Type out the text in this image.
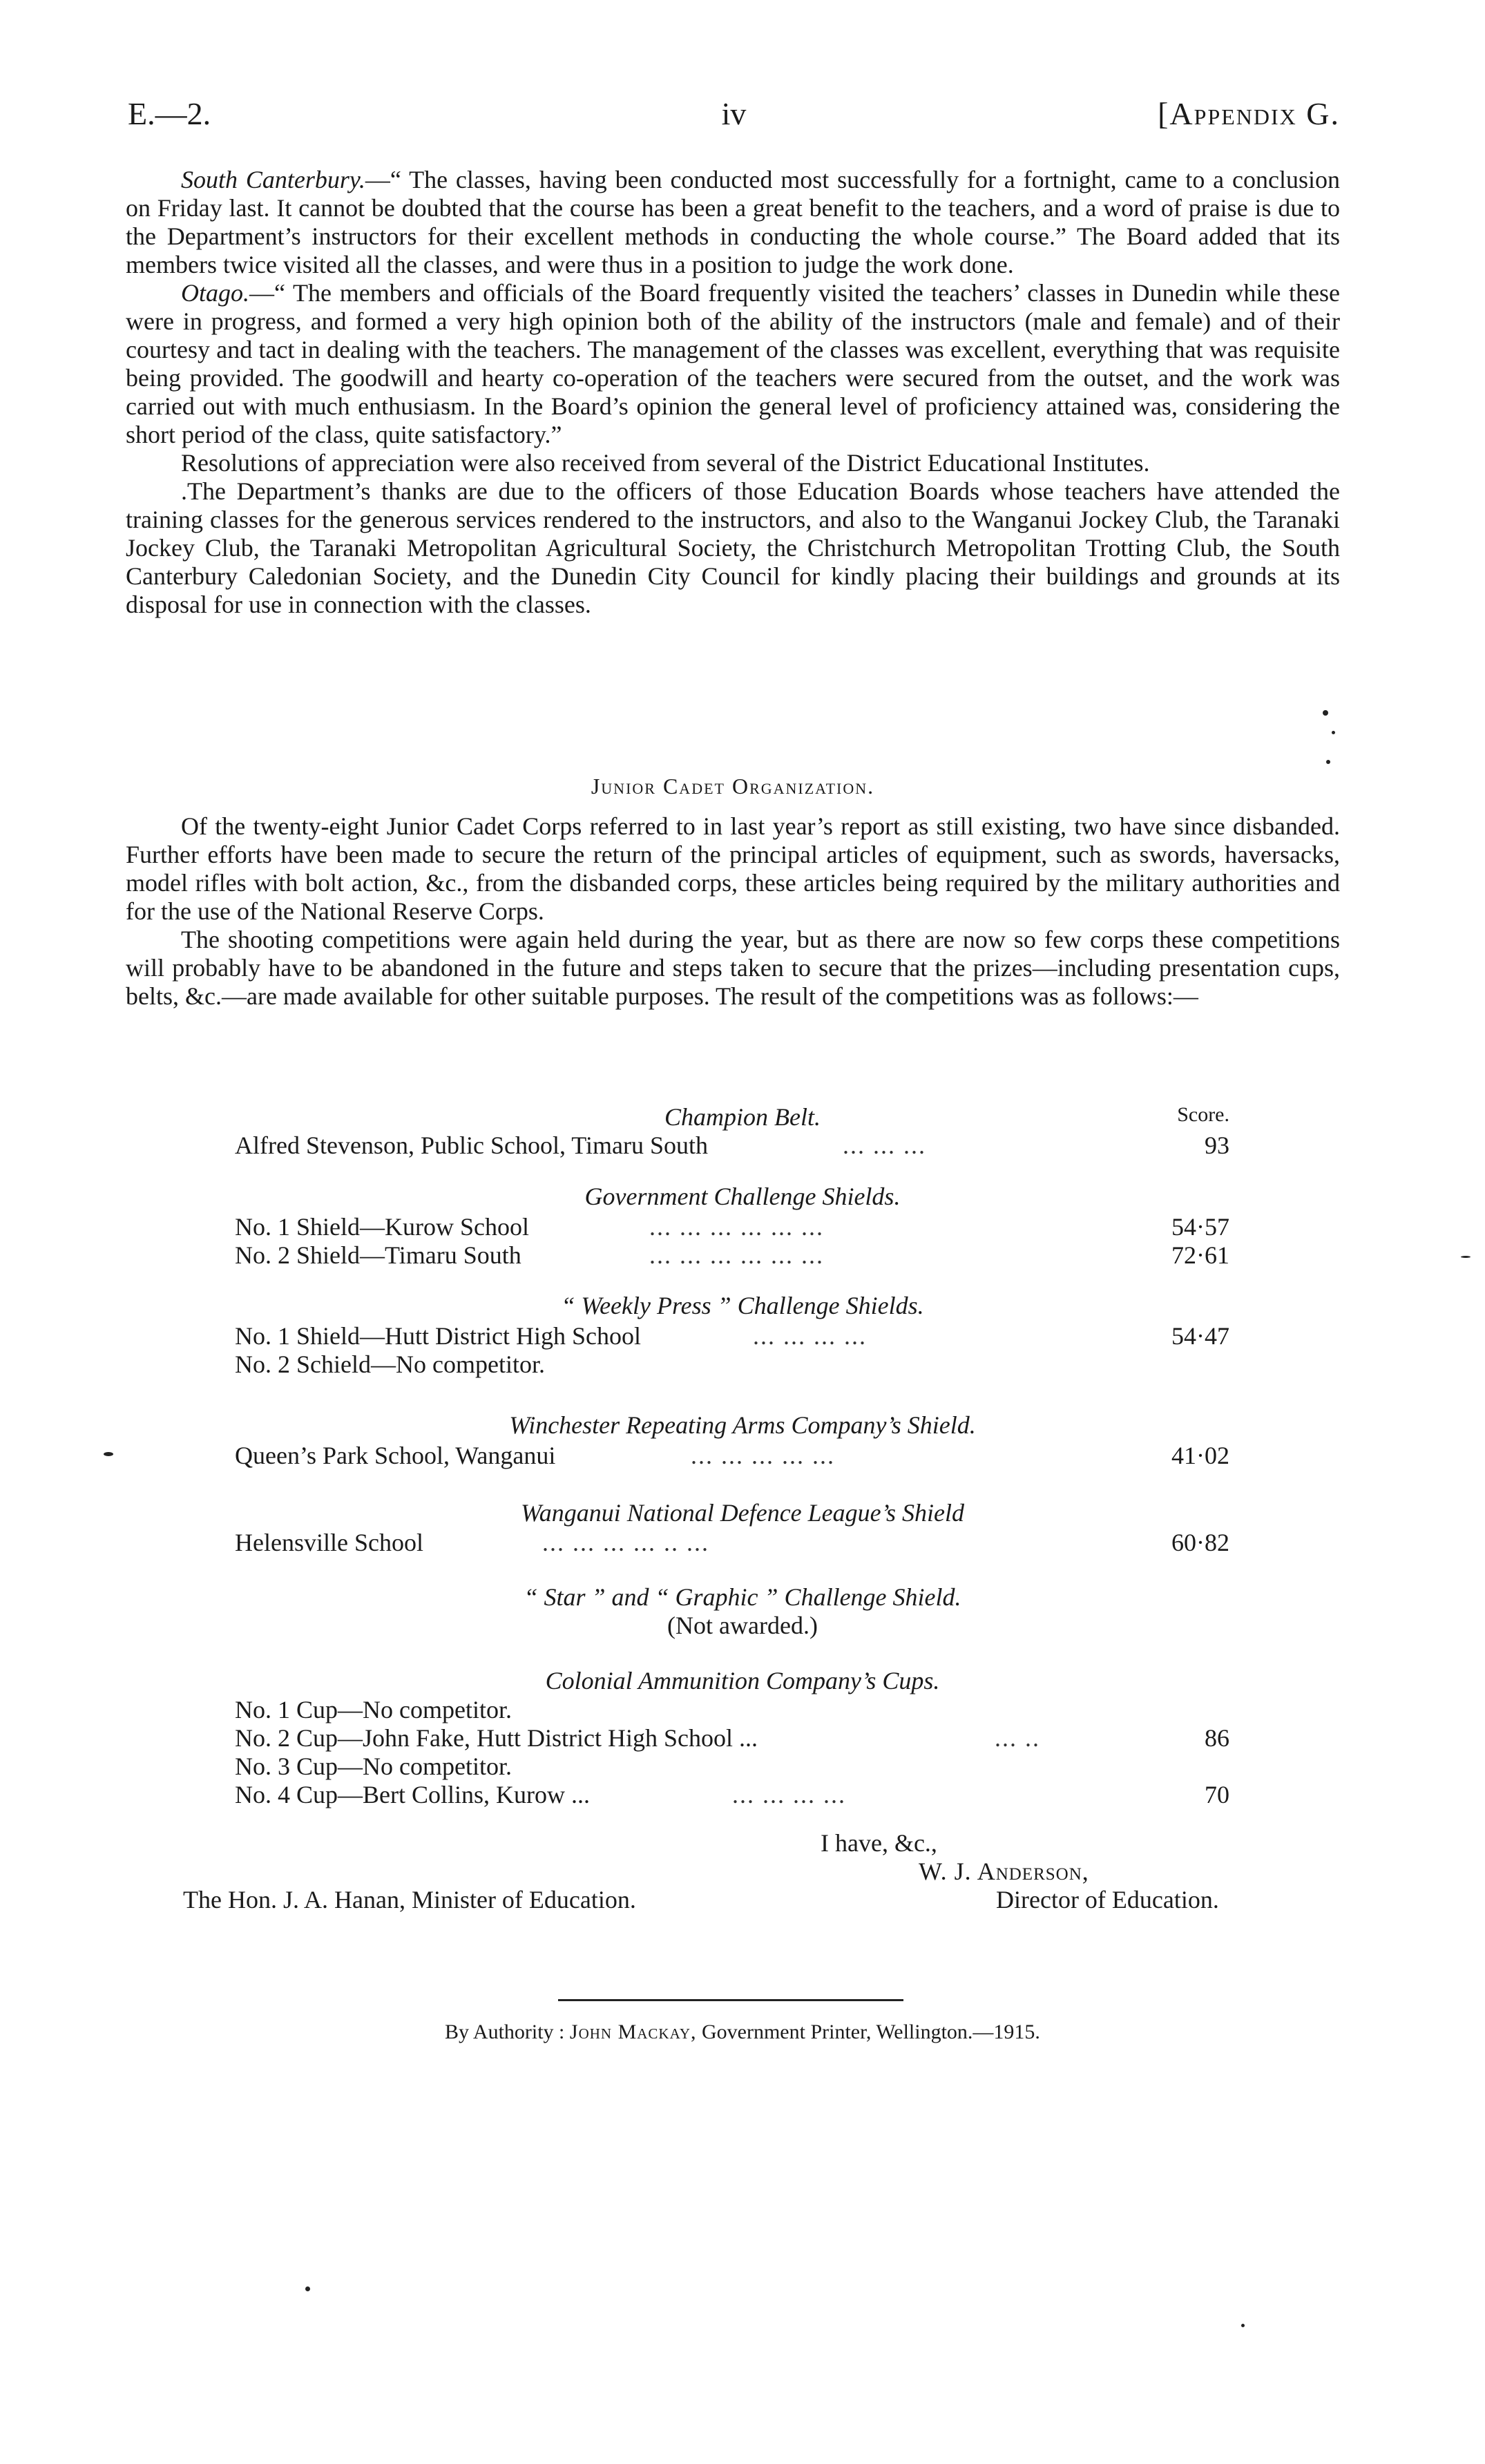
E.—2.	iv	[Appendix G.

South Canterbury.—“ The classes, having been conducted most successfully for a fortnight, came to a conclusion on Friday last. It cannot be doubted that the course has been a great benefit to the teachers, and a word of praise is due to the Department’s instructors for their excellent methods in conducting the whole course.” The Board added that its members twice visited all the classes, and were thus in a position to judge the work done.

Otago.—“ The members and officials of the Board frequently visited the teachers’ classes in Dunedin while these were in progress, and formed a very high opinion both of the ability of the instructors (male and female) and of their courtesy and tact in dealing with the teachers. The management of the classes was excellent, everything that was requisite being provided. The goodwill and hearty co-operation of the teachers were secured from the outset, and the work was carried out with much enthusiasm. In the Board’s opinion the general level of proficiency attained was, considering the short period of the class, quite satisfactory.”

Resolutions of appreciation were also received from several of the District Educational Institutes.

.The Department’s thanks are due to the officers of those Education Boards whose teachers have attended the training classes for the generous services rendered to the instructors, and also to the Wanganui Jockey Club, the Taranaki Jockey Club, the Taranaki Metropolitan Agricultural Society, the Christchurch Metropolitan Trotting Club, the South Canterbury Caledonian Society, and the Dunedin City Council for kindly placing their buildings and grounds at its disposal for use in connection with the classes.

Junior Cadet Organization.

Of the twenty-eight Junior Cadet Corps referred to in last year’s report as still existing, two have since disbanded. Further efforts have been made to secure the return of the principal articles of equipment, such as swords, haversacks, model rifles with bolt action, &c., from the disbanded corps, these articles being required by the military authorities and for the use of the National Reserve Corps.

The shooting competitions were again held during the year, but as there are now so few corps these competitions will probably have to be abandoned in the future and steps taken to secure that the prizes—including presentation cups, belts, &c.—are made available for other suitable purposes. The result of the competitions was as follows:—

Score.
Champion Belt.
Alfred Stevenson, Public School, Timaru South	... ... ...	93
Government Challenge Shields.
No. 1 Shield—Kurow School	... ... ... ... ... ...	54·57
No. 2 Shield—Timaru South	... ... ... ... ... ...	72·61
“ Weekly Press ” Challenge Shields.
No. 1 Shield—Hutt District High School	... ... ... ...	54·47
No. 2 Schield—No competitor.
Winchester Repeating Arms Company’s Shield.
Queen’s Park School, Wanganui	... ... ... ... ...	41·02
Wanganui National Defence League’s Shield
Helensville School	... ... ... ... .. ...	60·82
“ Star ” and “ Graphic ” Challenge Shield.
(Not awarded.)
Colonial Ammunition Company’s Cups.
No. 1 Cup—No competitor.
No. 2 Cup—John Fake, Hutt District High School ...	... ..	86
No. 3 Cup—No competitor.
No. 4 Cup—Bert Collins, Kurow ...	... ... ... ...	70
I have, &c.,
W. J. Anderson,
Director of Education.
The Hon. J. A. Hanan, Minister of Education.
By Authority : John Mackay, Government Printer, Wellington.—1915.
